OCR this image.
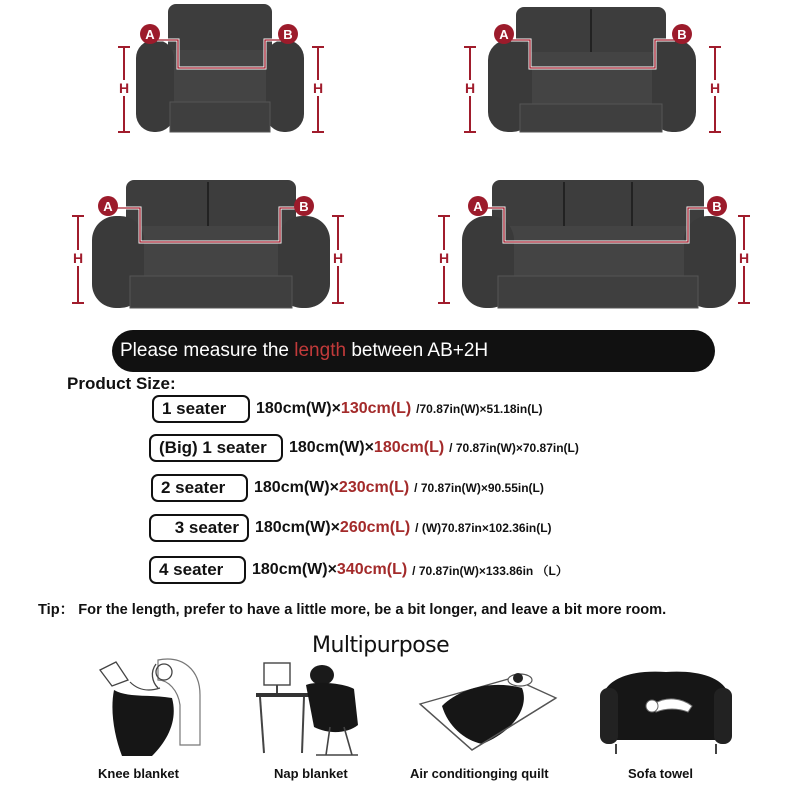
H	H
A	B
H	H
A	B
H	H
A	B
H	H
A	B
Please measure the length between AB+2H
Product Size:
1 seater	180cm(W)× 130cm(L) /70.87in(W)×51.18in(L)
(Big) 1 seater	180cm(W)× 180cm(L) / 70.87in(W)×70.87in(L)
2 seater	180cm(W)× 230cm(L) / 70.87in(W)×90.55in(L)
3 seater	180cm(W)× 260cm(L) / (W)70.87in×102.36in(L)
4 seater	180cm(W)× 340cm(L) / 70.87in(W)×133.86in （L）
Tip： For the length, prefer to have a little more, be a bit longer, and leave a bit more room.
Multipurpose
Knee blanket	Nap blanket	Air conditionging quilt	Sofa towel
